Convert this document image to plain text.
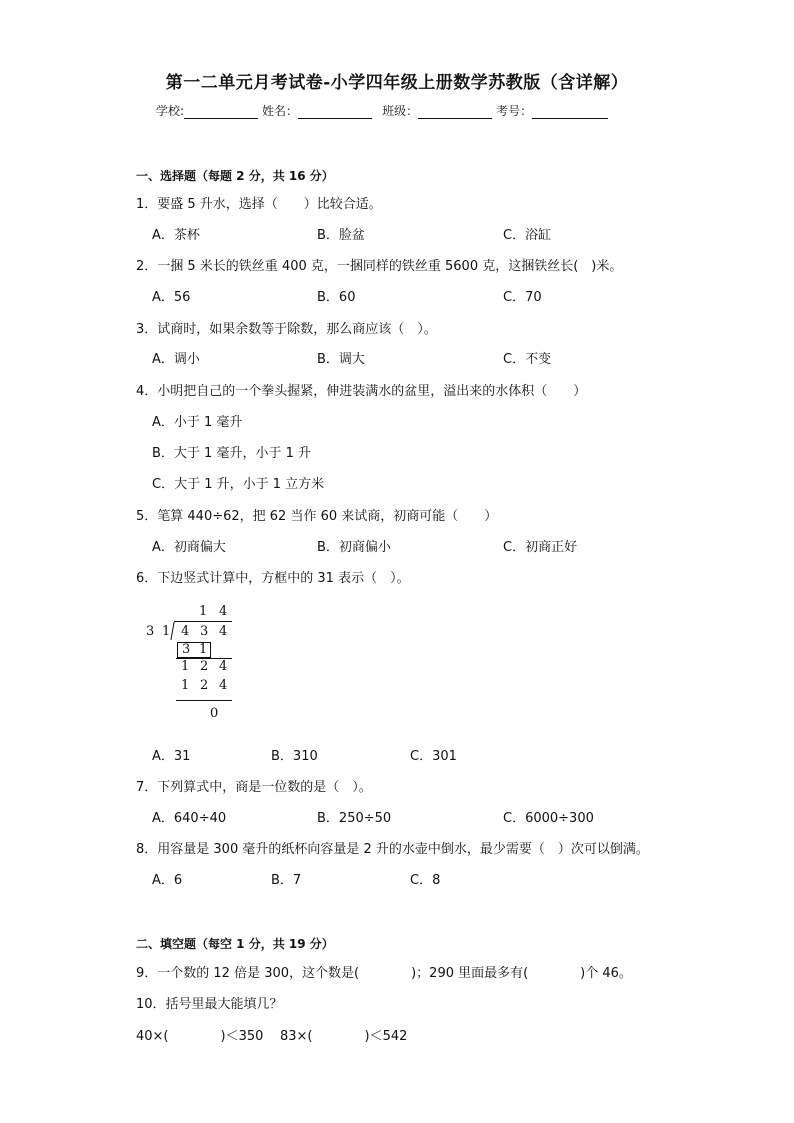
第一二单元月考试卷-小学四年级上册数学苏教版（含详解）
学校:	姓名：	班级：	考号：
一、选择题（每题 2 分，共 16 分）
1．要盛 5 升水，选择（　　）比较合适。
A．茶杯	B．脸盆	C．浴缸
2．一捆 5 米长的铁丝重 400 克，一捆同样的铁丝重 5600 克，这捆铁丝长(　)米。
A．56	B．60	C．70
3．试商时，如果余数等于除数，那么商应该（　）。
A．调小	B．调大	C．不变
4．小明把自己的一个拳头握紧，伸进装满水的盆里，溢出来的水体积（　　）
A．小于 1 毫升
B．大于 1 毫升，小于 1 升
C．大于 1 升，小于 1 立方米
5．笔算 440÷62，把 62 当作 60 来试商，初商可能（　　）
A．初商偏大	B．初商偏小	C．初商正好
6．下边竖式计算中，方框中的 31 表示（　）。
1 4
3 1 4 3 4
3 1
1 2 4
1 2 4
0
A．31	B．310	C．301
7．下列算式中，商是一位数的是（　）。
A．640÷40	B．250÷50	C．6000÷300
8．用容量是 300 毫升的纸杯向容量是 2 升的水壶中倒水，最少需要（　）次可以倒满。
A．6	B．7	C．8
二、填空题（每空 1 分，共 19 分）
9．一个数的 12 倍是 300，这个数是(　　　　)；290 里面最多有(　　　　)个 46。
10．括号里最大能填几？
40×(　　　　)＜350 83×(　　　　)＜542
